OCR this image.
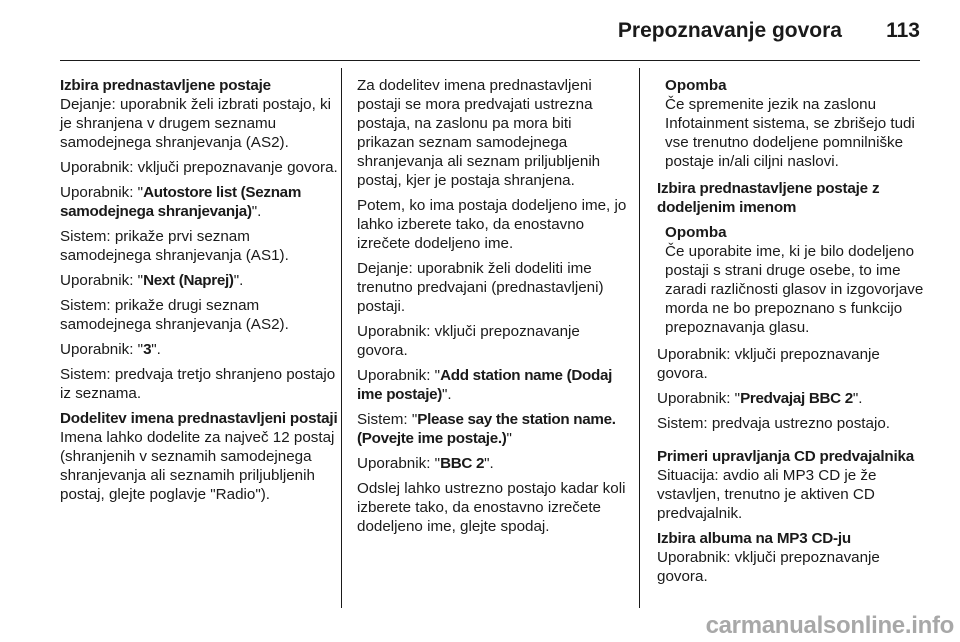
Prepoznavanje govora 113
Izbira prednastavljene postaje

Dejanje: uporabnik želi izbrati postajo, ki je shranjena v drugem seznamu samodejnega shranjevanja (AS2).

Uporabnik: vključi prepoznavanje govora.

Uporabnik: "Autostore list (Seznam samodejnega shranjevanja)".

Sistem: prikaže prvi seznam samodejnega shranjevanja (AS1).

Uporabnik: "Next (Naprej)".

Sistem: prikaže drugi seznam samodejnega shranjevanja (AS2).

Uporabnik: "3".

Sistem: predvaja tretjo shranjeno postajo iz seznama.

Dodelitev imena prednastavljeni postaji

Imena lahko dodelite za največ 12 postaj (shranjenih v seznamih samodejnega shranjevanja ali seznamih priljubljenih postaj, glejte poglavje "Radio").

Za dodelitev imena prednastavljeni postaji se mora predvajati ustrezna postaja, na zaslonu pa mora biti prikazan seznam samodejnega shranjevanja ali seznam priljubljenih postaj, kjer je postaja shranjena.

Potem, ko ima postaja dodeljeno ime, jo lahko izberete tako, da enostavno izrečete dodeljeno ime.

Dejanje: uporabnik želi dodeliti ime trenutno predvajani (prednastavljeni) postaji.

Uporabnik: vključi prepoznavanje govora.

Uporabnik: "Add station name (Dodaj ime postaje)".

Sistem: "Please say the station name. (Povejte ime postaje.)"

Uporabnik: "BBC 2".

Odslej lahko ustrezno postajo kadar koli izberete tako, da enostavno izrečete dodeljeno ime, glejte spodaj.

Opomba
Če spremenite jezik na zaslonu Infotainment sistema, se zbrišejo tudi vse trenutno dodeljene pomnilniške postaje in/ali ciljni naslovi.
Izbira prednastavljene postaje z dodeljenim imenom
Opomba
Če uporabite ime, ki je bilo dodeljeno postaji s strani druge osebe, to ime zaradi različnosti glasov in izgovorjave morda ne bo prepoznano s funkcijo prepoznavanja glasu.

Uporabnik: vključi prepoznavanje govora.

Uporabnik: "Predvajaj BBC 2".

Sistem: predvaja ustrezno postajo.

Primeri upravljanja CD predvajalnika

Situacija: avdio ali MP3 CD je že vstavljen, trenutno je aktiven CD predvajalnik.

Izbira albuma na MP3 CD-ju

Uporabnik: vključi prepoznavanje govora.

carmanualsonline.info
